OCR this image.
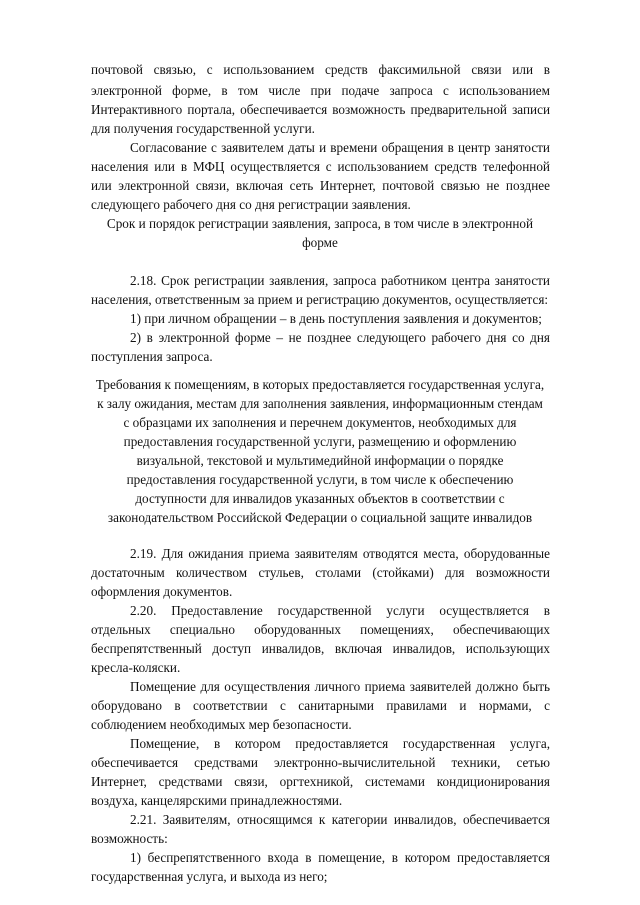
почтовой связью, с использованием средств факсимильной связи или в

электронной форме, в том числе при подаче запроса с использованием

Интерактивного портала, обеспечивается возможность предварительной записи

для получения государственной услуги.

Согласование с заявителем даты и времени обращения в центр занятости

населения или в МФЦ осуществляется с использованием средств телефонной

или электронной связи, включая сеть Интернет, почтовой связью не позднее

следующего рабочего дня со дня регистрации заявления.

Срок и порядок регистрации заявления, запроса, в том числе в электронной

форме

2.18. Срок регистрации заявления, запроса работником центра занятости

населения, ответственным за прием и регистрацию документов, осуществляется:

1) при личном обращении – в день поступления заявления и документов;

2) в электронной форме – не позднее следующего рабочего дня со дня

поступления запроса.

Требования к помещениям, в которых предоставляется государственная услуга,

к залу ожидания, местам для заполнения заявления, информационным стендам

с образцами их заполнения и перечнем документов, необходимых для

предоставления государственной услуги, размещению и оформлению

визуальной, текстовой и мультимедийной информации о порядке

предоставления государственной услуги, в том числе к обеспечению

доступности для инвалидов указанных объектов в соответствии с

законодательством Российской Федерации о социальной защите инвалидов

2.19. Для ожидания приема заявителям отводятся места, оборудованные

достаточным количеством стульев, столами (стойками) для возможности

оформления документов.

2.20. Предоставление государственной услуги осуществляется в

отдельных специально оборудованных помещениях, обеспечивающих

беспрепятственный доступ инвалидов, включая инвалидов, использующих

кресла-коляски.

Помещение для осуществления личного приема заявителей должно быть

оборудовано в соответствии с санитарными правилами и нормами, с

соблюдением необходимых мер безопасности.

Помещение, в котором предоставляется государственная услуга,

обеспечивается средствами электронно-вычислительной техники, сетью

Интернет, средствами связи, оргтехникой, системами кондиционирования

воздуха, канцелярскими принадлежностями.

2.21. Заявителям, относящимся к категории инвалидов, обеспечивается

возможность:

1) беспрепятственного входа в помещение, в котором предоставляется

государственная услуга, и выхода из него;
